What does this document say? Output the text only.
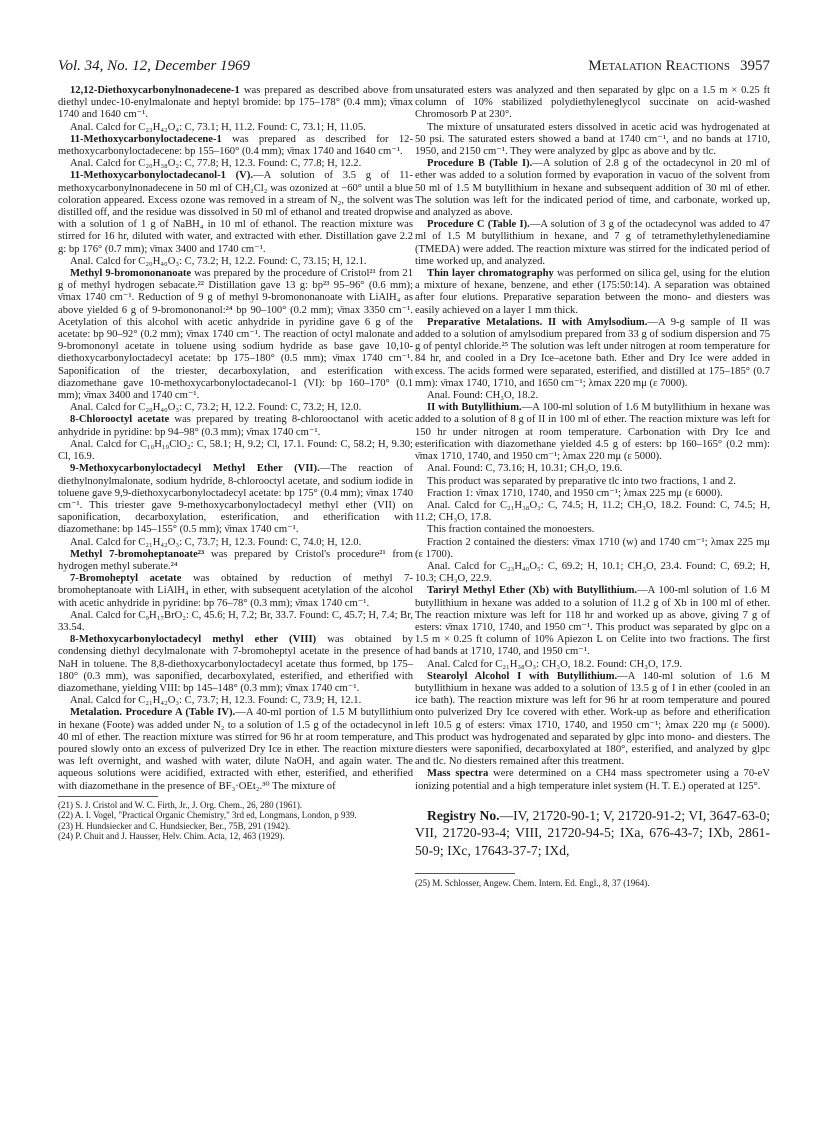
Vol. 34, No. 12, December 1969	Metalation Reactions 3957

12,12-Diethoxycarbonylnonadecene-1 was prepared as described above from diethyl undec-10-enylmalonate and heptyl bromide: bp 175–178° (0.4 mm); ν̄max 1740 and 1640 cm⁻¹.

Anal. Calcd for C₂₃H₄₂O₄: C, 73.1; H, 11.2. Found: C, 73.1; H, 11.05.

11-Methoxycarbonyloctadecene-1 was prepared as described for 12-methoxycarbonyloctadecene: bp 155–160° (0.4 mm); ν̄max 1740 and 1640 cm⁻¹.

Anal. Calcd for C₂₀H₃₈O₂: C, 77.8; H, 12.3. Found: C, 77.8; H, 12.2.

11-Methoxycarbonyloctadecanol-1 (V).—A solution of 3.5 g of 11-methoxycarbonylnonadecene in 50 ml of CH₂Cl₂ was ozonized at −60° until a blue coloration appeared. Excess ozone was removed in a stream of N₂, the solvent was distilled off, and the residue was dissolved in 50 ml of ethanol and treated dropwise with a solution of 1 g of NaBH₄ in 10 ml of ethanol. The reaction mixture was stirred for 16 hr, diluted with water, and extracted with ether. Distillation gave 2.2 g: bp 176° (0.7 mm); ν̄max 3400 and 1740 cm⁻¹.

Anal. Calcd for C₂₀H₄₀O₃: C, 73.2; H, 12.2. Found: C, 73.15; H, 12.1.

Methyl 9-bromononanoate was prepared by the procedure of Cristol²¹ from 21 g of methyl hydrogen sebacate.²² Distillation gave 13 g: bp²³ 95–96° (0.6 mm); ν̄max 1740 cm⁻¹. Reduction of 9 g of methyl 9-bromononanoate with LiAlH₄ as above yielded 6 g of 9-bromononanol:²⁴ bp 90–100° (0.2 mm); ν̄max 3350 cm⁻¹. Acetylation of this alcohol with acetic anhydride in pyridine gave 6 g of the acetate: bp 90–92° (0.2 mm); ν̄max 1740 cm⁻¹. The reaction of octyl malonate and 9-bromononyl acetate in toluene using sodium hydride as base gave 10,10-diethoxycarbonyloctadecyl acetate: bp 175–180° (0.5 mm); ν̄max 1740 cm⁻¹. Saponification of the triester, decarboxylation, and esterification with diazomethane gave 10-methoxycarbonyloctadecanol-1 (VI): bp 160–170° (0.1 mm); ν̄max 3400 and 1740 cm⁻¹.

Anal. Calcd for C₂₀H₄₀O₃: C, 73.2; H, 12.2. Found: C, 73.2; H, 12.0.

8-Chlorooctyl acetate was prepared by treating 8-chlorooctanol with acetic anhydride in pyridine: bp 94–98° (0.3 mm); ν̄max 1740 cm⁻¹.

Anal. Calcd for C₁₀H₁₉ClO₂: C, 58.1; H, 9.2; Cl, 17.1. Found: C, 58.2; H, 9.30; Cl, 16.9.

9-Methoxycarbonyloctadecyl Methyl Ether (VII).—The reaction of diethylnonylmalonate, sodium hydride, 8-chlorooctyl acetate, and sodium iodide in toluene gave 9,9-diethoxycarbonyloctadecyl acetate: bp 175° (0.4 mm); ν̄max 1740 cm⁻¹. This triester gave 9-methoxycarbonyloctadecyl methyl ether (VII) on saponification, decarboxylation, esterification, and etherification with diazomethane: bp 145–155° (0.5 mm); ν̄max 1740 cm⁻¹.

Anal. Calcd for C₂₁H₄₂O₃: C, 73.7; H, 12.3. Found: C, 74.0; H, 12.0.

Methyl 7-bromoheptanoate²³ was prepared by Cristol's procedure²¹ from hydrogen methyl suberate.²⁴

7-Bromoheptyl acetate was obtained by reduction of methyl 7-bromoheptanoate with LiAlH₄ in ether, with subsequent acetylation of the alcohol with acetic anhydride in pyridine: bp 76–78° (0.3 mm); ν̄max 1740 cm⁻¹.

Anal. Calcd for C₉H₁₇BrO₂: C, 45.6; H, 7.2; Br, 33.7. Found: C, 45.7; H, 7.4; Br, 33.54.

8-Methoxycarbonyloctadecyl methyl ether (VIII) was obtained by condensing diethyl decylmalonate with 7-bromoheptyl acetate in the presence of NaH in toluene. The 8,8-diethoxycarbonyloctadecyl acetate thus formed, bp 175–180° (0.3 mm), was saponified, decarboxylated, esterified, and etherified with diazomethane, yielding VIII: bp 145–148° (0.3 mm); ν̄max 1740 cm⁻¹.

Anal. Calcd for C₂₁H₄₂O₃: C, 73.7; H, 12.3. Found: C, 73.9; H, 12.1.

Metalation. Procedure A (Table IV).—A 40-ml portion of 1.5 M butyllithium in hexane (Foote) was added under N₂ to a solution of 1.5 g of the octadecynol in 40 ml of ether. The reaction mixture was stirred for 96 hr at room temperature, and poured slowly onto an excess of pulverized Dry Ice in ether. The reaction mixture was left overnight, and washed with water, dilute NaOH, and again water. The aqueous solutions were acidified, extracted with ether, esterified, and etherified with diazomethane in the presence of BF₃·OEt₂.³⁰ The mixture of

(21) S. J. Cristol and W. C. Firth, Jr., J. Org. Chem., 26, 280 (1961).

(22) A. I. Vogel, "Practical Organic Chemistry," 3rd ed, Longmans, London, p 939.

(23) H. Hundsiecker and C. Hundsiecker, Ber., 75B, 291 (1942).

(24) P. Chuit and J. Hausser, Helv. Chim. Acta, 12, 463 (1929).

unsaturated esters was analyzed and then separated by glpc on a 1.5 m × 0.25 ft column of 10% stabilized polydiethyleneglycol succinate on acid-washed Chromosorb P at 230°.

The mixture of unsaturated esters dissolved in acetic acid was hydrogenated at 50 psi. The saturated esters showed a band at 1740 cm⁻¹, and no bands at 1710, 1950, and 2150 cm⁻¹. They were analyzed by glpc as above and by tlc.

Procedure B (Table I).—A solution of 2.8 g of the octadecynol in 20 ml of ether was added to a solution formed by evaporation in vacuo of the solvent from 50 ml of 1.5 M butyllithium in hexane and subsequent addition of 30 ml of ether. The solution was left for the indicated period of time, and carbonate, worked up, and analyzed as above.

Procedure C (Table I).—A solution of 3 g of the octadecynol was added to 47 ml of 1.5 M butyllithium in hexane, and 7 g of tetramethylethylenediamine (TMEDA) were added. The reaction mixture was stirred for the indicated period of time worked up, and analyzed.

Thin layer chromatography was performed on silica gel, using for the elution a mixture of hexane, benzene, and ether (175:50:14). A separation was obtained after four elutions. Preparative separation between the mono- and diesters was easily achieved on a layer 1 mm thick.

Preparative Metalations. II with Amylsodium.—A 9-g sample of II was added to a solution of amylsodium prepared from 33 g of sodium dispersion and 75 g of pentyl chloride.²⁵ The solution was left under nitrogen at room temperature for 84 hr, and cooled in a Dry Ice–acetone bath. Ether and Dry Ice were added in excess. The acids formed were separated, esterified, and distilled at 175–185° (0.7 mm): ν̄max 1740, 1710, and 1650 cm⁻¹; λmax 220 mμ (ε 7000).

Anal. Found: CH₃O, 18.2.

II with Butyllithium.—A 100-ml solution of 1.6 M butyllithium in hexane was added to a solution of 8 g of II in 100 ml of ether. The reaction mixture was left for 150 hr under nitrogen at room temperature. Carbonation with Dry Ice and esterification with diazomethane yielded 4.5 g of esters: bp 160–165° (0.2 mm): ν̄max 1710, 1740, and 1950 cm⁻¹; λmax 220 mμ (ε 5000).

Anal. Found: C, 73.16; H, 10.31; CH₃O, 19.6.

This product was separated by preparative tlc into two fractions, 1 and 2.

Fraction 1: ν̄max 1710, 1740, and 1950 cm⁻¹; λmax 225 mμ (ε 6000).

Anal. Calcd for C₂₁H₃₈O₃: C, 74.5; H, 11.2; CH₃O, 18.2. Found: C, 74.5; H, 11.2; CH₃O, 17.8.

This fraction contained the monoesters.

Fraction 2 contained the diesters: ν̄max 1710 (w) and 1740 cm⁻¹; λmax 225 mμ (ε 1700).

Anal. Calcd for C₂₃H₄₀O₅: C, 69.2; H, 10.1; CH₃O, 23.4. Found: C, 69.2; H, 10.3; CH₃O, 22.9.

Tariryl Methyl Ether (Xb) with Butyllithium.—A 100-ml solution of 1.6 M butyllithium in hexane was added to a solution of 11.2 g of Xb in 100 ml of ether. The reaction mixture was left for 118 hr and worked up as above, giving 7 g of esters: ν̄max 1710, 1740, and 1950 cm⁻¹. This product was separated by glpc on a 1.5 m × 0.25 ft column of 10% Apiezon L on Celite into two fractions. The first had bands at 1710, 1740, and 1950 cm⁻¹.

Anal. Calcd for C₂₁H₃₈O₃: CH₃O, 18.2. Found: CH₃O, 17.9.

Stearolyl Alcohol I with Butyllithium.—A 140-ml solution of 1.6 M butyllithium in hexane was added to a solution of 13.5 g of I in ether (cooled in an ice bath). The reaction mixture was left for 96 hr at room temperature and poured onto pulverized Dry Ice covered with ether. Work-up as before and etherification left 10.5 g of esters: ν̄max 1710, 1740, and 1950 cm⁻¹; λmax 220 mμ (ε 5000). This product was hydrogenated and separated by glpc into mono- and diesters. The diesters were saponified, decarboxylated at 180°, esterified, and analyzed by glpc and tlc. No diesters remained after this treatment.

Mass spectra were determined on a CH4 mass spectrometer using a 70-eV ionizing potential and a high temperature inlet system (H. T. E.) operated at 125°.

Registry No.—IV, 21720-90-1; V, 21720-91-2; VI, 3647-63-0; VII, 21720-93-4; VIII, 21720-94-5; IXa, 676-43-7; IXb, 2861-50-9; IXc, 17643-37-7; IXd,

(25) M. Schlosser, Angew. Chem. Intern. Ed. Engl., 8, 37 (1964).
